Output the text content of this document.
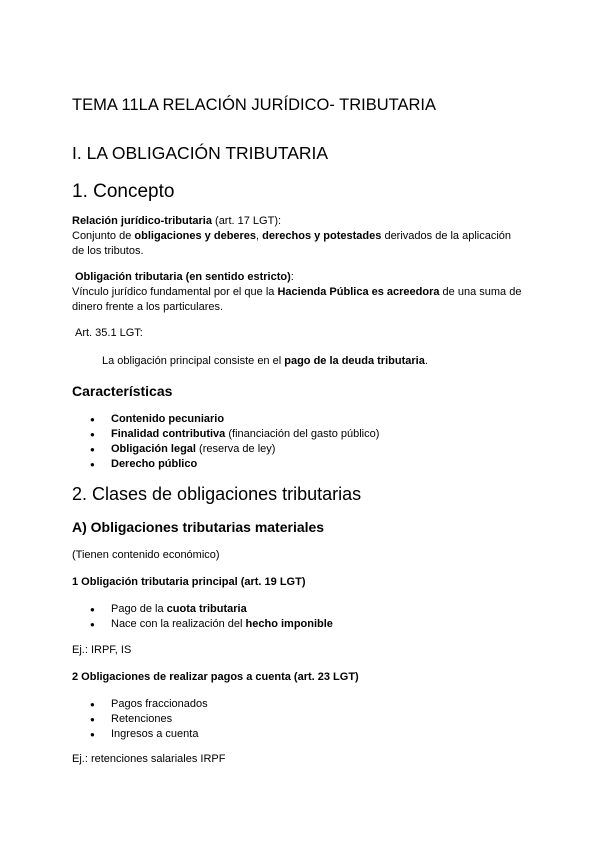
TEMA 11LA RELACIÓN JURÍDICO- TRIBUTARIA
I. LA OBLIGACIÓN TRIBUTARIA
1. Concepto
Relación jurídico-tributaria (art. 17 LGT):
Conjunto de obligaciones y deberes, derechos y potestades derivados de la aplicación
de los tributos.
Obligación tributaria (en sentido estricto):
Vínculo jurídico fundamental por el que la Hacienda Pública es acreedora de una suma de
dinero frente a los particulares.
Art. 35.1 LGT:
La obligación principal consiste en el pago de la deuda tributaria.
Características
● Contenido pecuniario
● Finalidad contributiva (financiación del gasto público)
● Obligación legal (reserva de ley)
● Derecho público
2. Clases de obligaciones tributarias
A) Obligaciones tributarias materiales
(Tienen contenido económico)
1 Obligación tributaria principal (art. 19 LGT)
● Pago de la cuota tributaria
● Nace con la realización del hecho imponible
Ej.: IRPF, IS
2 Obligaciones de realizar pagos a cuenta (art. 23 LGT)
● Pagos fraccionados
● Retenciones
● Ingresos a cuenta
Ej.: retenciones salariales IRPF
